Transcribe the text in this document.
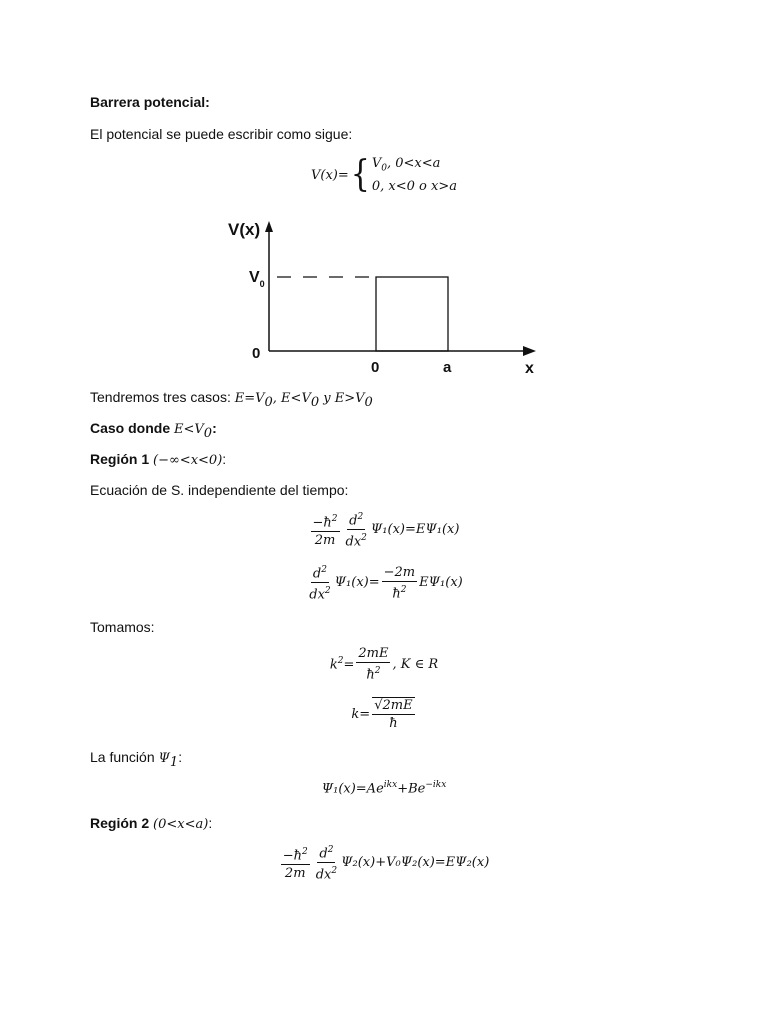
Barrera potencial:
El potencial se puede escribir como sigue:
V(x)={ $V_0$, 0<x<a
0, x<0 o x>a
V(x)
$V_0$
0
0	a	x
Tendremos tres casos: $E=V_0$, $E<V_0$ y $E>V_0$
Caso donde $E<V_0$:
Región 1 (−∞<x<0):
Ecuación de S. independiente del tiempo:
$\frac{-ħ^2}{2m} \frac{d^2}{dx^2} \Psi_1(x)=E\Psi_1(x)$
$\frac{d^2}{dx^2} \Psi_1(x)= \frac{-2m}{ħ^2} E\Psi_1(x)$
Tomamos:
$k^2= \frac{2mE}{ħ^2}$ , K ∈ R
$k= \frac{√2mE}{ħ}$
La función $\Psi_1$:
$\Psi_1(x)=Ae^{ikx}+Be^{-ikx}$
Región 2 (0<x<a):
$\frac{-ħ^2}{2m} \frac{d^2}{dx^2} \Psi_2(x)+V_0\Psi_2(x)=E\Psi_2(x)$
